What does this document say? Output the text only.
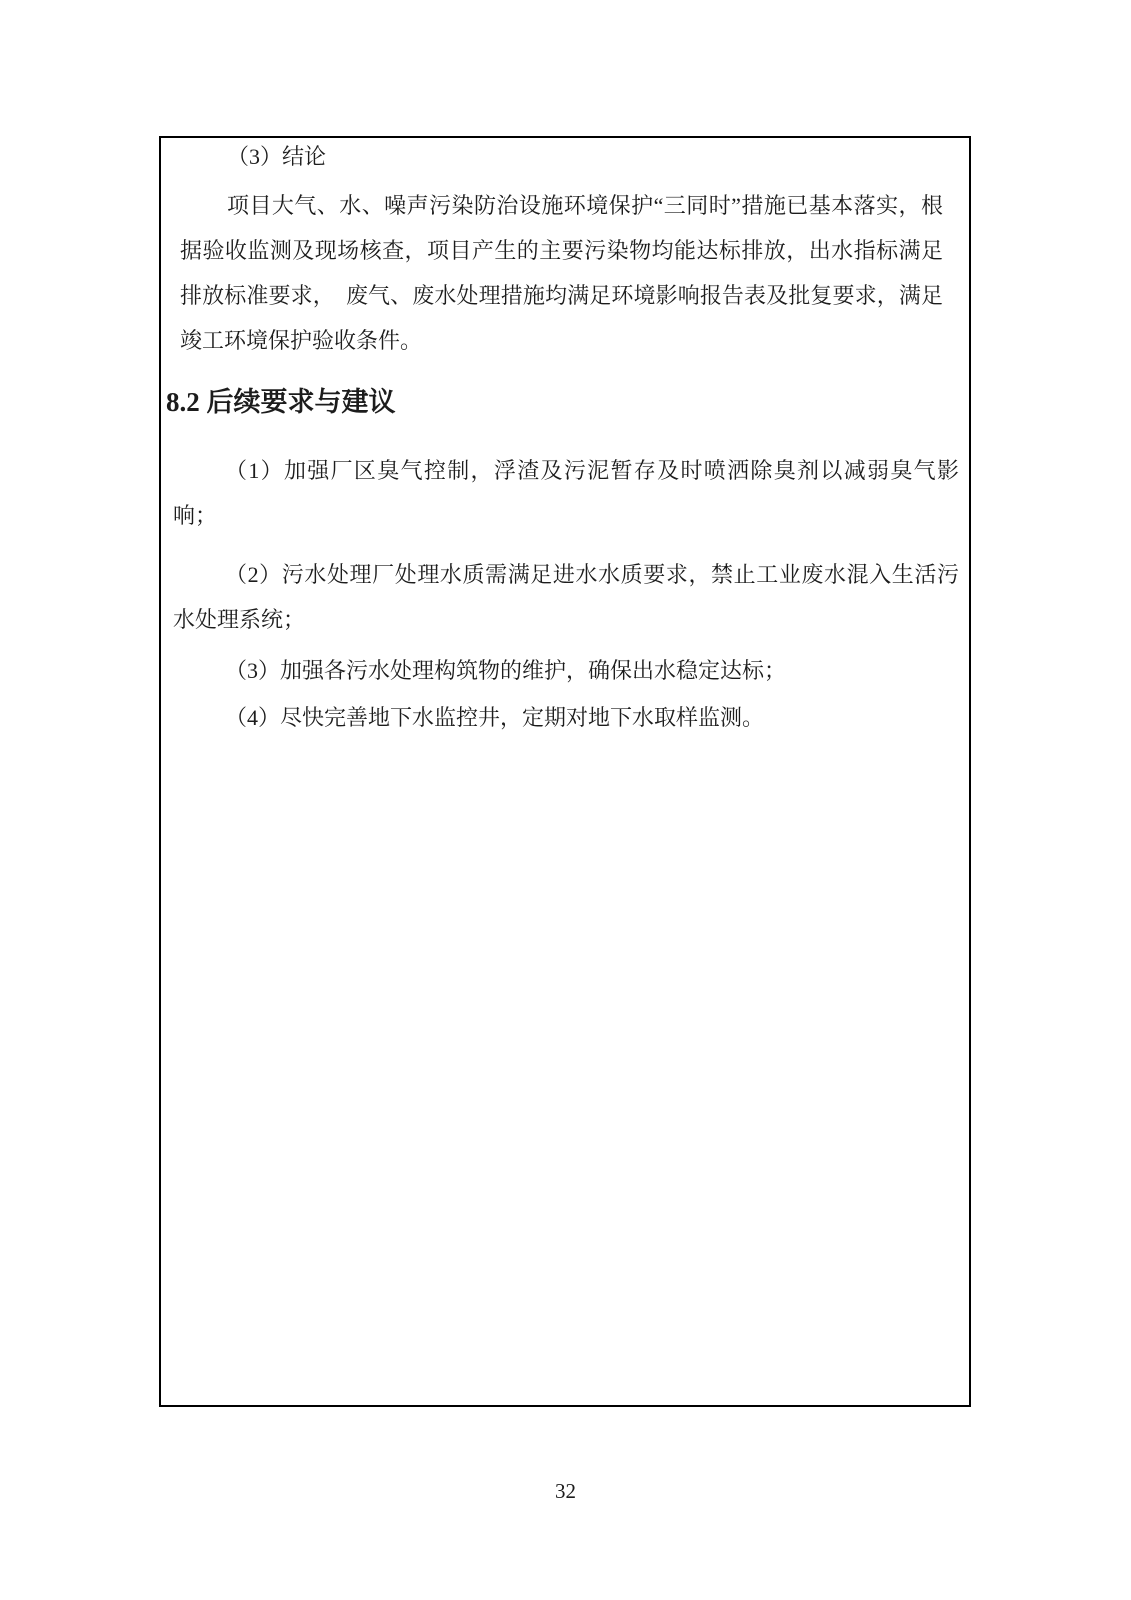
（3）结论

项目大气、水、噪声污染防治设施环境保护“三同时”措施已基本落实，根据验收监测及现场核查，项目产生的主要污染物均能达标排放，出水指标满足排放标准要求，　废气、废水处理措施均满足环境影响报告表及批复要求，满足竣工环境保护验收条件。

8.2 后续要求与建议

（1）加强厂区臭气控制，浮渣及污泥暂存及时喷洒除臭剂以减弱臭气影响；

（2）污水处理厂处理水质需满足进水水质要求，禁止工业废水混入生活污水处理系统；

（3）加强各污水处理构筑物的维护，确保出水稳定达标；

（4）尽快完善地下水监控井，定期对地下水取样监测。

32
